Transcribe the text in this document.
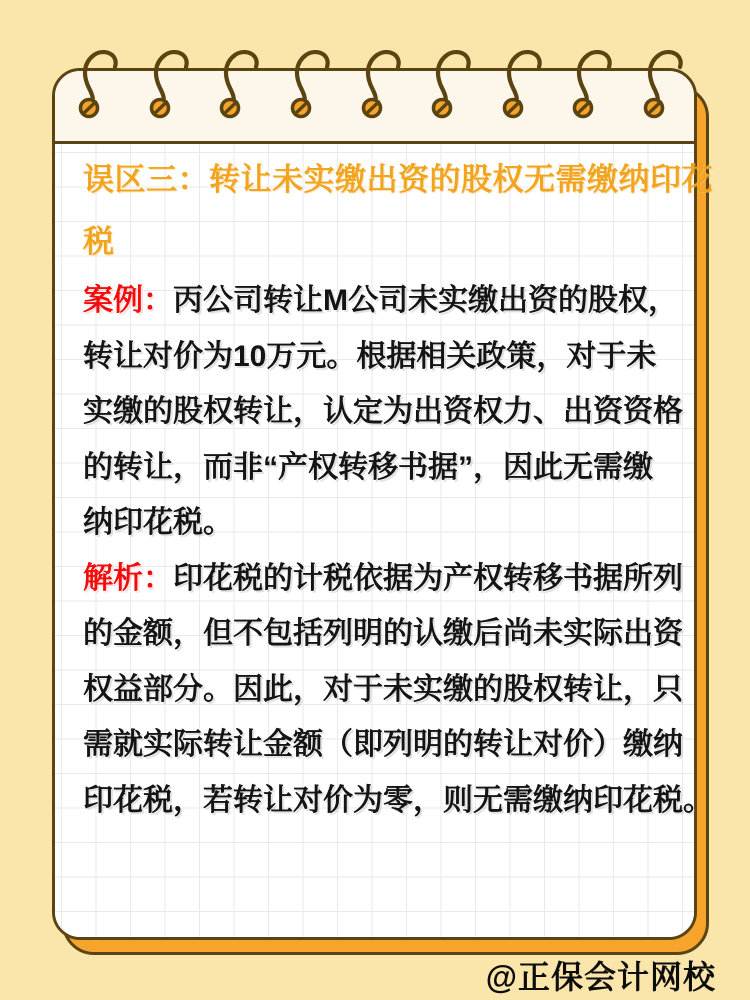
误区三：转让未实缴出资的股权无需缴纳印花
税
案例：丙公司转让M公司未实缴出资的股权，
转让对价为10万元。根据相关政策，对于未
实缴的股权转让，认定为出资权力、出资资格
的转让，而非“产权转移书据”，因此无需缴
纳印花税。
解析：印花税的计税依据为产权转移书据所列
的金额，但不包括列明的认缴后尚未实际出资
权益部分。因此，对于未实缴的股权转让，只
需就实际转让金额（即列明的转让对价）缴纳
印花税，若转让对价为零，则无需缴纳印花税。
@正保会计网校
